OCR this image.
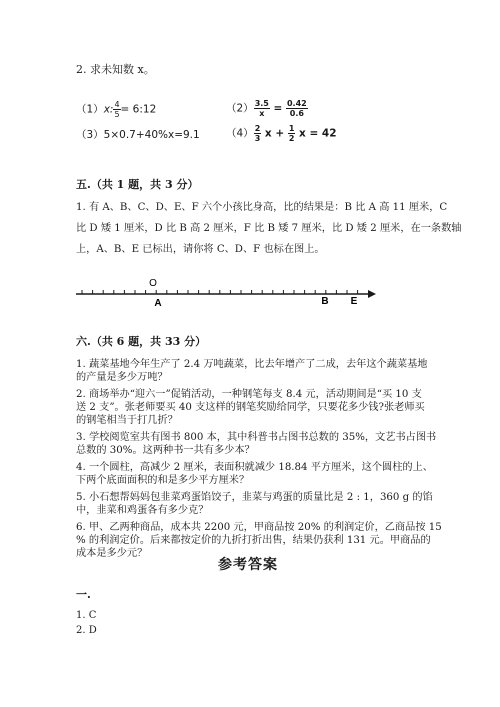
2. 求未知数 x。
（1）x: $\frac{4}{5}$ = 6:12	$(2) \frac{3.5}{x} = \frac{0.42}{0.6}$
（3）5×0.7+40%x=9.1	$(4) \frac{2}{3}$ $x + \frac{1}{2}$ x = 42
五.（共 1 题，共 3 分）
1. 有 A、B、C、D、E、F 六个小孩比身高，比的结果是：B 比 A 高 11 厘米，C
比 D 矮 1 厘米，D 比 B 高 2 厘米，F 比 B 矮 7 厘米，比 D 矮 2 厘米，在一条数轴
上，A、B、E 已标出，请你将 C、D、F 也标在图上。
O
A	B E
六.（共 6 题，共 33 分）
1. 蔬菜基地今年生产了 2.4 万吨蔬菜，比去年增产了二成，去年这个蔬菜基地
的产量是多少万吨？
2. 商场举办“迎六一”促销活动，一种钢笔每支 8.4 元，活动期间是“买 10 支
送 2 支”。张老师要买 40 支这样的钢笔奖励给同学，只要花多少钱?张老师买
的钢笔相当于打几折？
3. 学校阅览室共有图书 800 本，其中科普书占图书总数的 35%，文艺书占图书
总数的 30%。这两种书一共有多少本？
4. 一个圆柱，高减少 2 厘米，表面积就减少 18.84 平方厘米，这个圆柱的上、
下两个底面面积的和是多少平方厘米？
5. 小石想帮妈妈包韭菜鸡蛋馅饺子，韭菜与鸡蛋的质量比是 2 : 1，360 g 的馅
中，韭菜和鸡蛋各有多少克？
6. 甲、乙两种商品，成本共 2200 元，甲商品按 20% 的利润定价，乙商品按 15
% 的利润定价。后来都按定价的九折打折出售，结果仍获利 131 元。甲商品的
成本是多少元？
参考答案
一.
1. C
2. D
